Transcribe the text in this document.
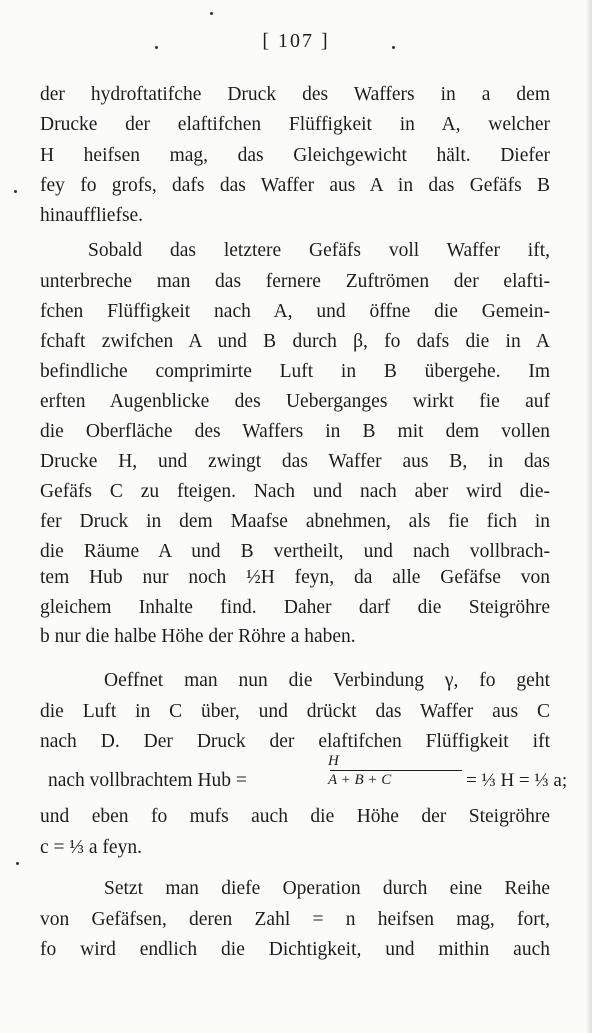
[ 107 ]
der hydroftatifche Druck des Waffers in a dem
Drucke der elaftifchen Flüffigkeit in A, welcher
H heifsen mag, das Gleichgewicht hält. Diefer
fey fo grofs, dafs das Waffer aus A in das Gefäfs B
hinauffliefse.
Sobald das letztere Gefäfs voll Waffer ift,
unterbreche man das fernere Zuftrömen der elafti-
fchen Flüffigkeit nach A, und öffne die Gemein-
fchaft zwifchen A und B durch β, fo dafs die in A
befindliche comprimirte Luft in B übergehe. Im
erften Augenblicke des Ueberganges wirkt fie auf
die Oberfläche des Waffers in B mit dem vollen
Drucke H, und zwingt das Waffer aus B, in das
Gefäfs C zu fteigen. Nach und nach aber wird die-
fer Druck in dem Maafse abnehmen, als fie fich in
die Räume A und B vertheilt, und nach vollbrach-
tem Hub nur noch ½H feyn, da alle Gefäfse von
gleichem Inhalte find. Daher darf die Steigröhre
b nur die halbe Höhe der Röhre a haben.
Oeffnet man nun die Verbindung γ, fo geht
die Luft in C über, und drückt das Waffer aus C
nach D. Der Druck der elaftifchen Flüffigkeit ift
nach vollbrachtem Hub =
H
A + B + C	= ⅓ H = ⅓ a;
und eben fo mufs auch die Höhe der Steigröhre
c = ⅓ a feyn.
Setzt man diefe Operation durch eine Reihe
von Gefäfsen, deren Zahl = n heifsen mag, fort,
fo wird endlich die Dichtigkeit, und mithin auch
